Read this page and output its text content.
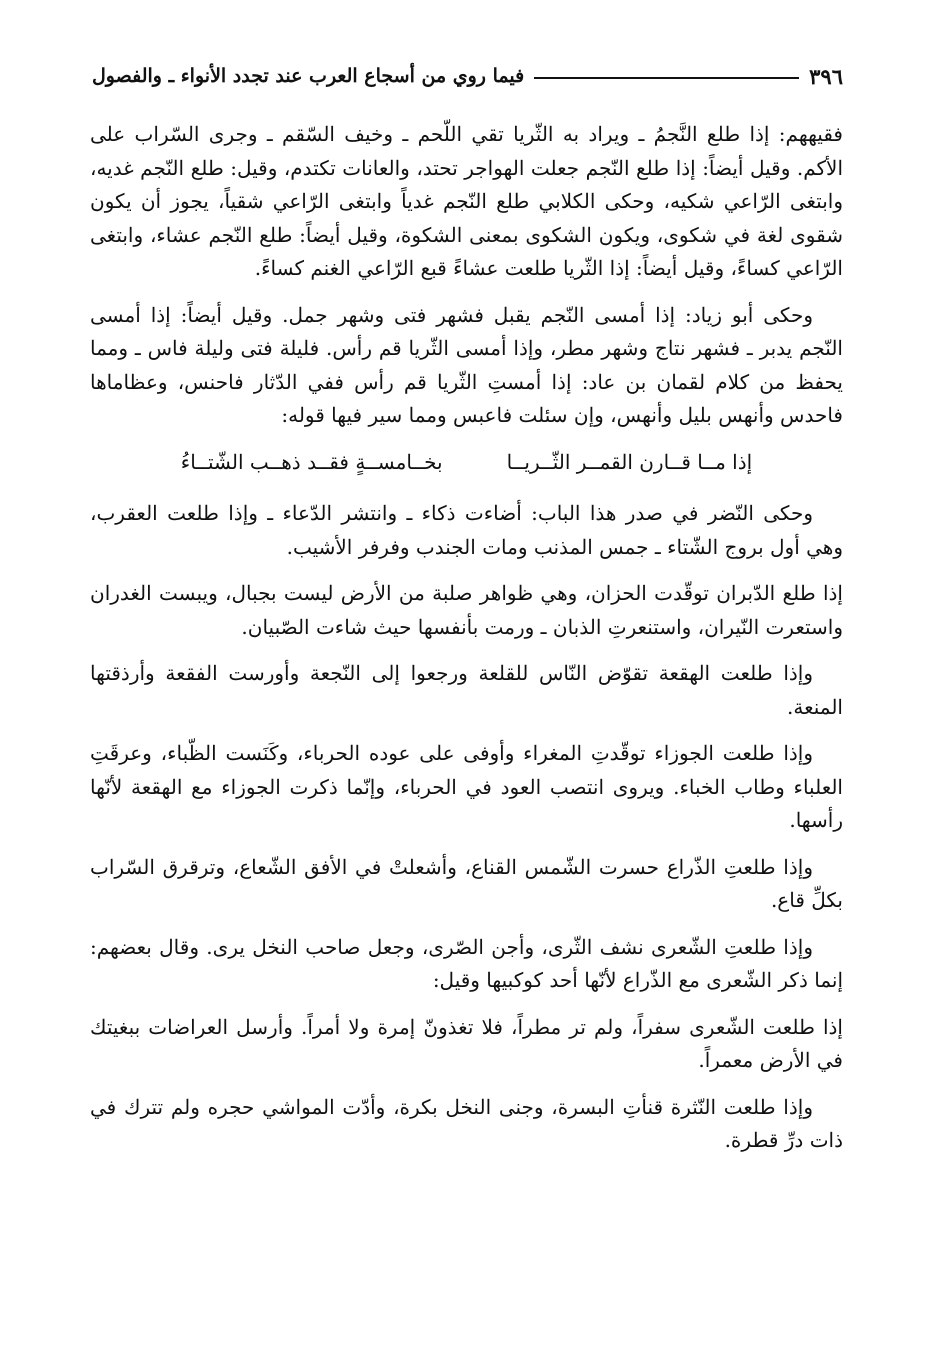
٣٩٦
فيما روي من أسجاع العرب عند تجدد الأنواء ـ والفصول

فقيههم: إذا طلع النَّجمُ ـ ويراد به الثّريا تقي اللّحم ـ وخيف السّقم ـ وجرى السّراب على الأكم. وقيل أيضاً: إذا طلع النّجم جعلت الهواجر تحتد، والعانات تكتدم، وقيل: طلع النّجم غديه، وابتغى الرّاعي شكيه، وحكى الكلابي طلع النّجم غدياً وابتغى الرّاعي شقياً، يجوز أن يكون شقوى لغة في شكوى، ويكون الشكوى بمعنى الشكوة، وقيل أيضاً: طلع النّجم عشاء، وابتغى الرّاعي كساءً، وقيل أيضاً: إذا الثّريا طلعت عشاءً قبع الرّاعي الغنم كساءً.

وحكى أبو زياد: إذا أمسى النّجم يقبل فشهر فتى وشهر جمل. وقيل أيضاً: إذا أمسى النّجم يدبر ـ فشهر نتاج وشهر مطر، وإذا أمسى الثّريا قم رأس. فليلة فتى وليلة فاس ـ ومما يحفظ من كلام لقمان بن عاد: إذا أمستِ الثّريا قم رأس ففي الدّثار فاحنس، وعظاماها فاحدس وأنهس بليل وأنهس، وإن سئلت فاعبس ومما سير فيها قوله:

إذا مــا قــارن القمــر الثّــريــا
بخــامســةٍ فقــد ذهــب الشّتــاءُ

وحكى النّضر في صدر هذا الباب: أضاءت ذكاء ـ وانتشر الدّعاء ـ وإذا طلعت العقرب، وهي أول بروج الشّتاء ـ جمس المذنب ومات الجندب وفرفر الأشيب.

إذا طلع الدّبران توقّدت الحزان، وهي ظواهر صلبة من الأرض ليست بجبال، ويبست الغدران واستعرت النّيران، واستنعرتِ الذبان ـ ورمت بأنفسها حيث شاءت الصّبيان.

وإذا طلعت الهقعة تقوّض النّاس للقلعة ورجعوا إلى النّجعة وأورست الفقعة وأرذقتها المنعة.

وإذا طلعت الجوزاء توقّدتِ المغراء وأوفى على عوده الحرباء، وكَنَست الظّباء، وعرقَتِ العلباء وطاب الخباء. ويروى انتصب العود في الحرباء، وإنّما ذكرت الجوزاء مع الهقعة لأنّها رأسها.

وإذا طلعتِ الذّراع حسرت الشّمس القناع، وأشعلتْ في الأفق الشّعاع، وترقرق السّراب بكلِّ قاع.

وإذا طلعتِ الشّعرى نشف الثّرى، وأجن الصّرى، وجعل صاحب النخل يرى. وقال بعضهم: إنما ذكر الشّعرى مع الذّراع لأنّها أحد كوكبيها وقيل:

إذا طلعت الشّعرى سفراً، ولم تر مطراً، فلا تغذونّ إمرة ولا أمراً. وأرسل العراضات ببغيتك في الأرض معمراً.

وإذا طلعت النّثرة قنأتِ البسرة، وجنى النخل بكرة، وأدّت المواشي حجره ولم تترك في ذات درِّ قطرة.
